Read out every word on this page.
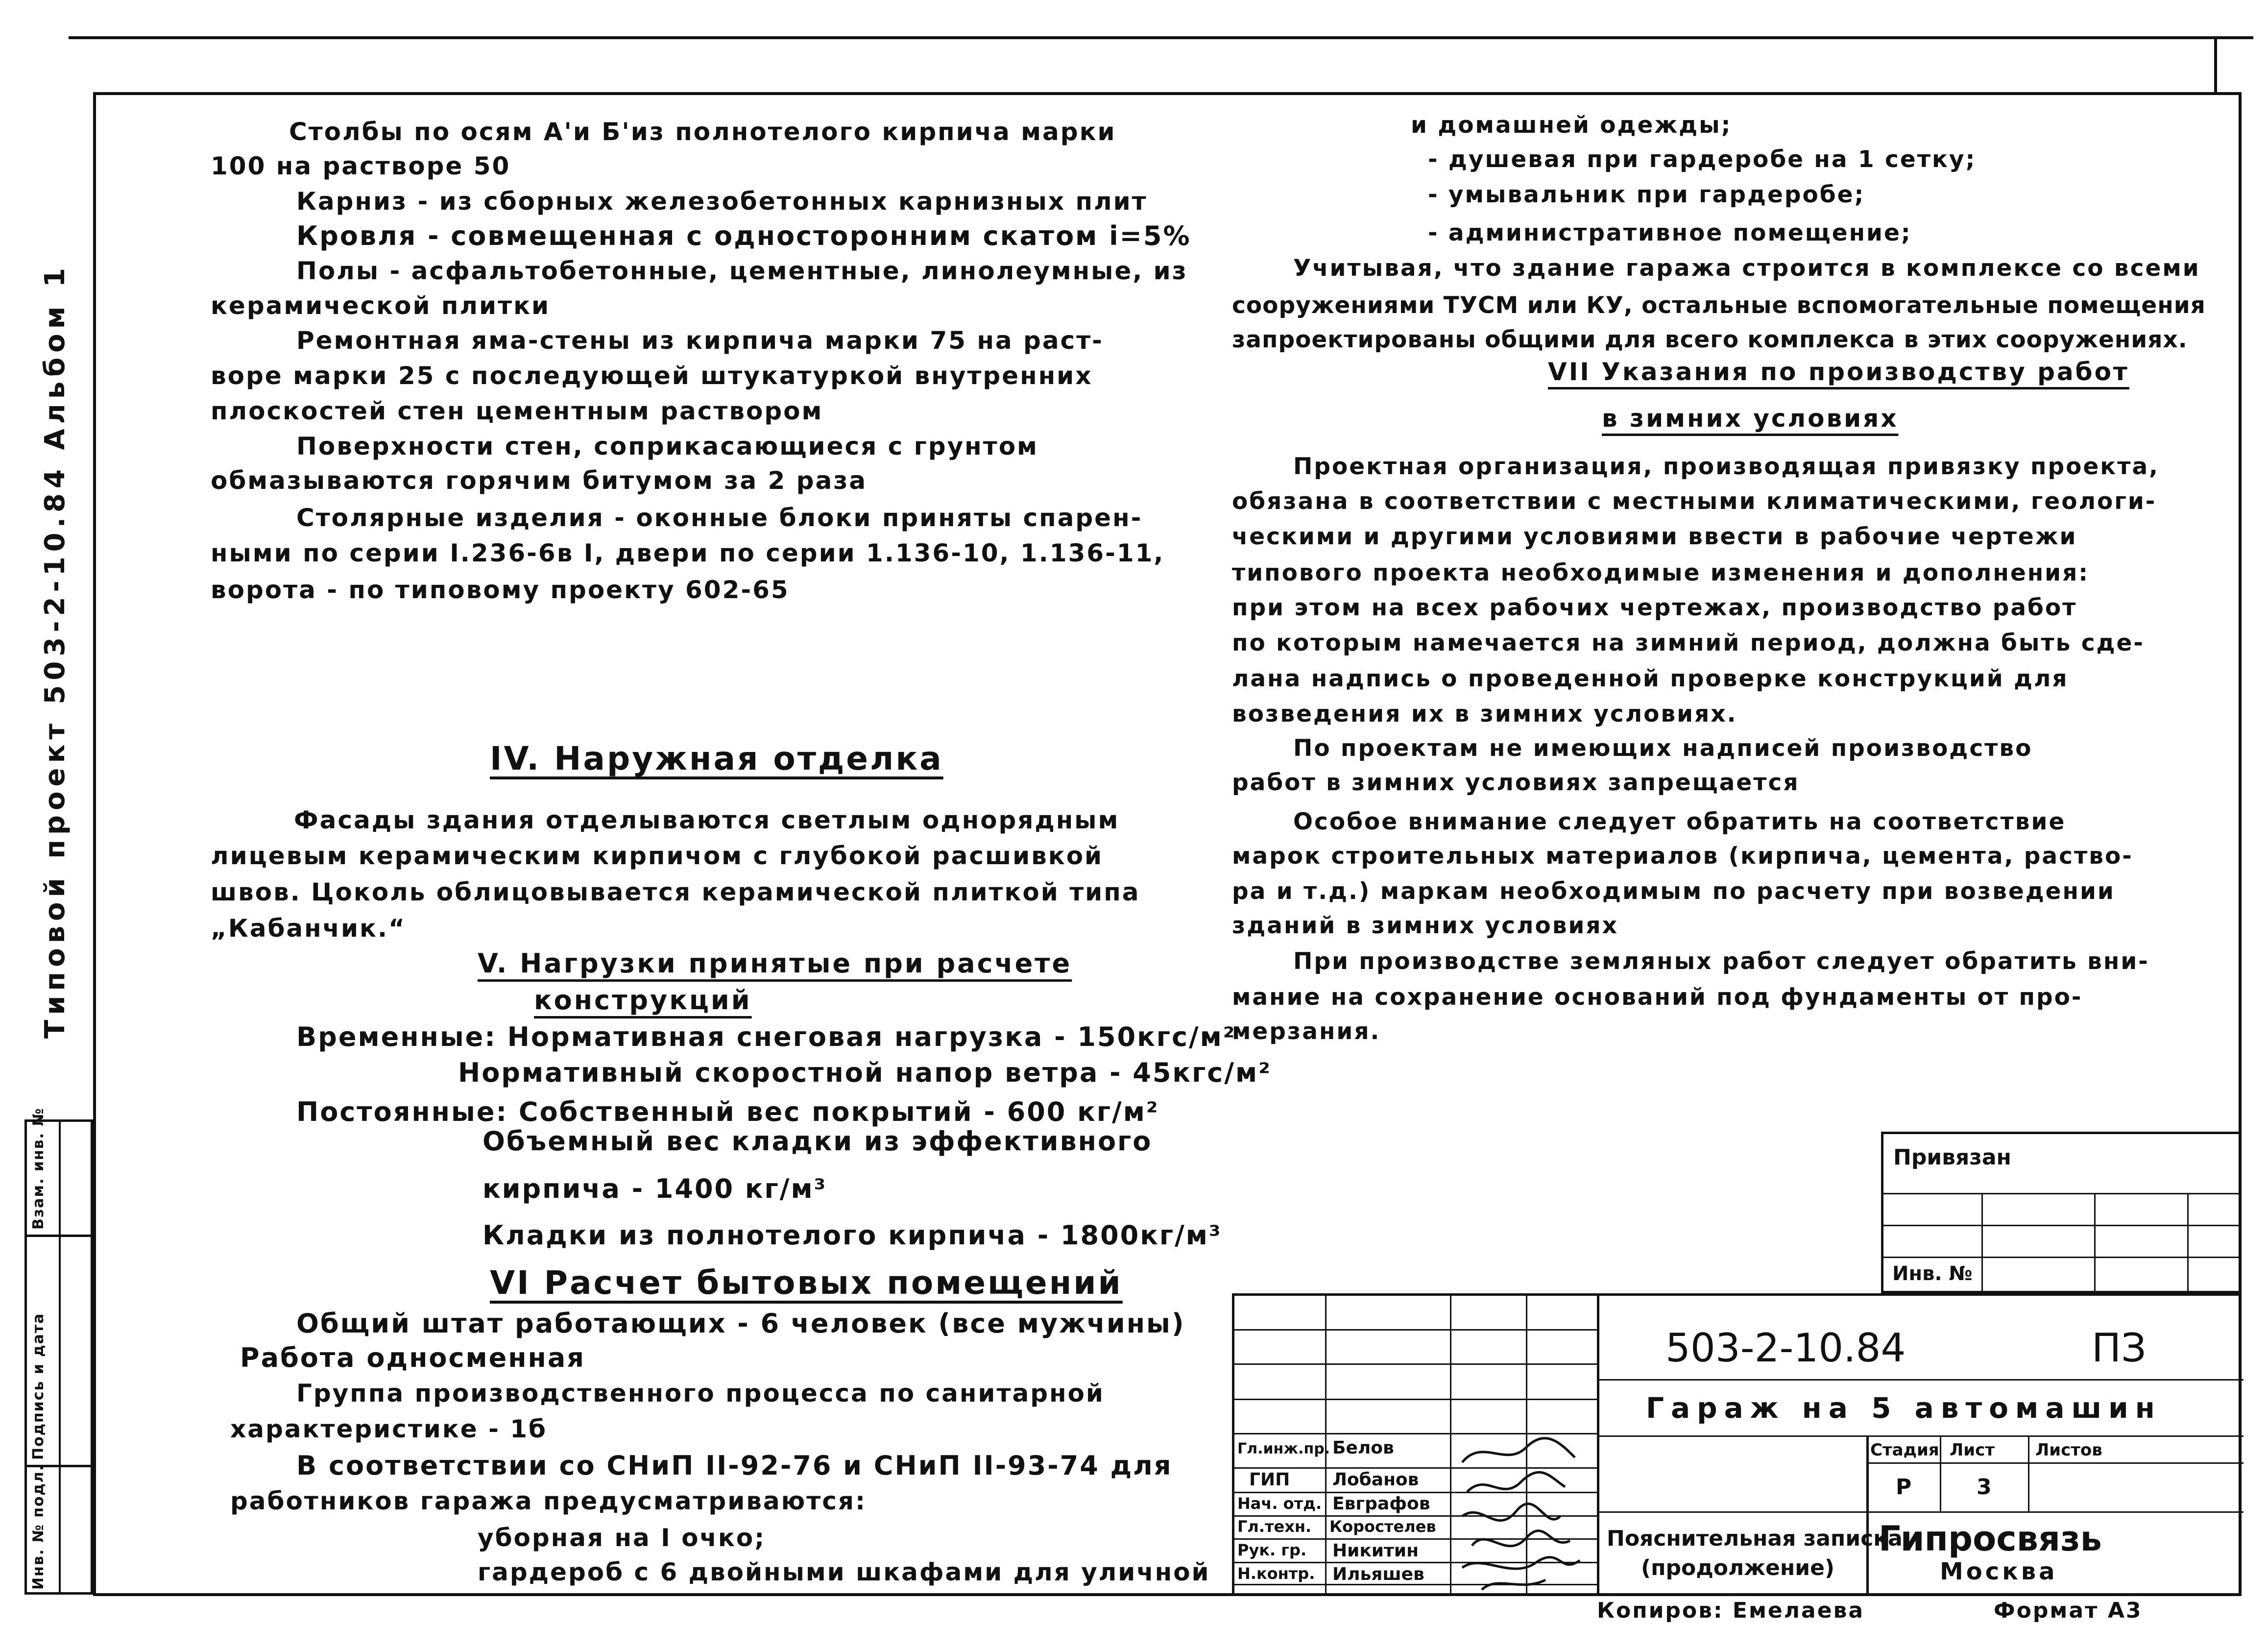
Типовой проект 503-2-10.84 Альбом 1
Взам. инв. №
Подпись и дата
Инв. № подл.
Столбы по осям А'и Б'из полнотелого кирпича марки
100 на растворе 50
Карниз - из сборных железобетонных карнизных плит
Кровля - совмещенная с односторонним скатом i=5%
Полы - асфальтобетонные, цементные, линолеумные, из
керамической плитки
Ремонтная яма-стены из кирпича марки 75 на раст-
воре марки 25 с последующей штукатуркой внутренних
плоскостей стен цементным раствором
Поверхности стен, соприкасающиеся с грунтом
обмазываются горячим битумом за 2 раза
Столярные изделия - оконные блоки приняты спарен-
ными по серии I.236-6в I, двери по серии 1.136-10, 1.136-11,
ворота - по типовому проекту 602-65
IV. Наружная отделка
Фасады здания отделываются светлым однорядным
лицевым керамическим кирпичом с глубокой расшивкой
швов. Цоколь облицовывается керамической плиткой типа
„Кабанчик.“
V. Нагрузки принятые при расчете
конструкций
Временные: Нормативная снеговая нагрузка - 150кгс/м²
Нормативный скоростной напор ветра - 45кгс/м²
Постоянные: Собственный вес покрытий - 600 кг/м²
Объемный вес кладки из эффективного
кирпича - 1400 кг/м³
Кладки из полнотелого кирпича - 1800кг/м³
VI Расчет бытовых помещений
Общий штат работающих - 6 человек (все мужчины)
Работа односменная
Группа производственного процесса по санитарной
характеристике - 1б
В соответствии со СНиП II-92-76 и СНиП II-93-74 для
работников гаража предусматриваются:
уборная на I очко;
гардероб с 6 двойными шкафами для уличной
и домашней одежды;
- душевая при гардеробе на 1 сетку;
- умывальник при гардеробе;
- административное помещение;
Учитывая, что здание гаража строится в комплексе со всеми
сооружениями ТУСМ или КУ, остальные вспомогательные помещения
запроектированы общими для всего комплекса в этих сооружениях.
VII Указания по производству работ
в зимних условиях
Проектная организация, производящая привязку проекта,
обязана в соответствии с местными климатическими, геологи-
ческими и другими условиями ввести в рабочие чертежи
типового проекта необходимые изменения и дополнения:
при этом на всех рабочих чертежах, производство работ
по которым намечается на зимний период, должна быть сде-
лана надпись о проведенной проверке конструкций для
возведения их в зимних условиях.
По проектам не имеющих надписей производство
работ в зимних условиях запрещается
Особое внимание следует обратить на соответствие
марок строительных материалов (кирпича, цемента, раство-
ра и т.д.) маркам необходимым по расчету при возведении
зданий в зимних условиях
При производстве земляных работ следует обратить вни-
мание на сохранение оснований под фундаменты от про-
мерзания.
Привязан
Инв. №
Гл.инж.пр. Белов
ГИП Лобанов
Нач. отд. Евграфов
Гл.техн. Коростелев
Рук. гр. Никитин
Н.контр. Ильяшев
503-2-10.84	ПЗ
Гараж на 5 автомашин
Стадия Лист Листов
Р	3
Пояснительная записка
(продолжение)
Гипросвязь
Москва
Копиров: Емелаева	Формат А3
